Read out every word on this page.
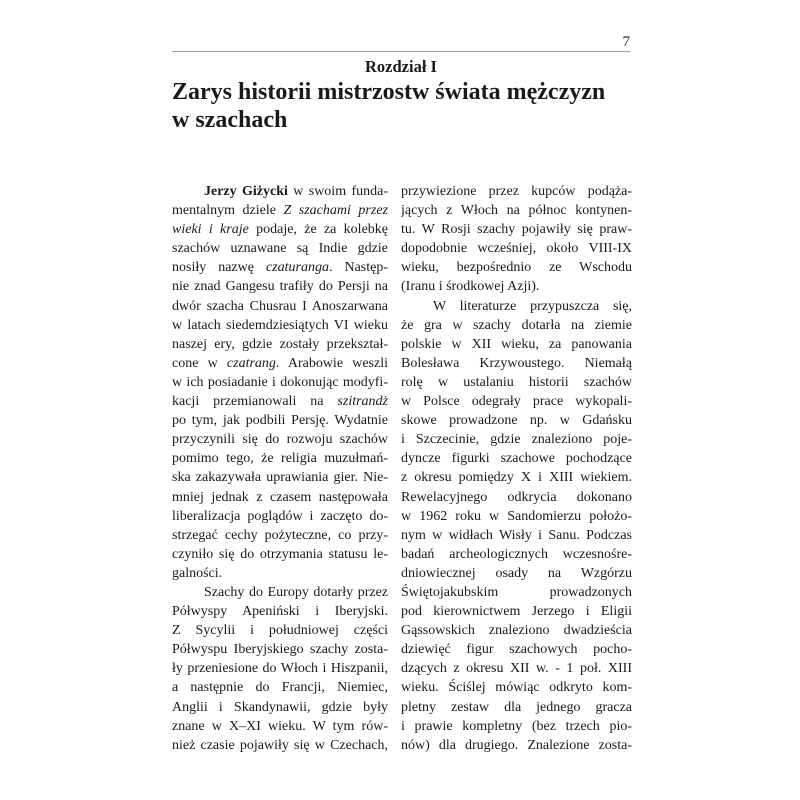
7
Rozdział I
Zarys historii mistrzostw świata mężczyzn
w szachach
Jerzy Giżycki w swoim funda-
mentalnym dziele Z szachami przez
wieki i kraje podaje, że za kolebkę
szachów uznawane są Indie gdzie
nosiły nazwę czaturanga. Następ-
nie znad Gangesu trafiły do Persji na
dwór szacha Chusrau I Anoszarwana
w latach siedemdziesiątych VI wieku
naszej ery, gdzie zostały przekształ-
cone w czatrang. Arabowie weszli
w ich posiadanie i dokonując modyfi-
kacji przemianowali na szitrandż
po tym, jak podbili Persję. Wydatnie
przyczynili się do rozwoju szachów
pomimo tego, że religia muzułmań-
ska zakazywała uprawiania gier. Nie-
mniej jednak z czasem następowała
liberalizacja poglądów i zaczęto do-
strzegać cechy pożyteczne, co przy-
czyniło się do otrzymania statusu le-
galności.
Szachy do Europy dotarły przez
Półwyspy Apeniński i Iberyjski.
Z Sycylii i południowej części
Półwyspu Iberyjskiego szachy zosta-
ły przeniesione do Włoch i Hiszpanii,
a następnie do Francji, Niemiec,
Anglii i Skandynawii, gdzie były
znane w X–XI wieku. W tym rów-
nież czasie pojawiły się w Czechach,
przywiezione przez kupców podąża-
jących z Włoch na północ kontynen-
tu. W Rosji szachy pojawiły się praw-
dopodobnie wcześniej, około VIII-IX
wieku, bezpośrednio ze Wschodu
(Iranu i środkowej Azji).
W literaturze przypuszcza się,
że gra w szachy dotarła na ziemie
polskie w XII wieku, za panowania
Bolesława Krzywoustego. Niemałą
rolę w ustalaniu historii szachów
w Polsce odegrały prace wykopali-
skowe prowadzone np. w Gdańsku
i Szczecinie, gdzie znaleziono poje-
dyncze figurki szachowe pochodzące
z okresu pomiędzy X i XIII wiekiem.
Rewelacyjnego odkrycia dokonano
w 1962 roku w Sandomierzu położo-
nym w widłach Wisły i Sanu. Podczas
badań archeologicznych wczesnośre-
dniowiecznej osady na Wzgórzu
Świętojakubskim prowadzonych
pod kierownictwem Jerzego i Eligii
Gąssowskich znaleziono dwadzieścia
dziewięć figur szachowych pocho-
dzących z okresu XII w. - 1 poł. XIII
wieku. Ściślej mówiąc odkryto kom-
pletny zestaw dla jednego gracza
i prawie kompletny (bez trzech pio-
nów) dla drugiego. Znalezione zosta-
